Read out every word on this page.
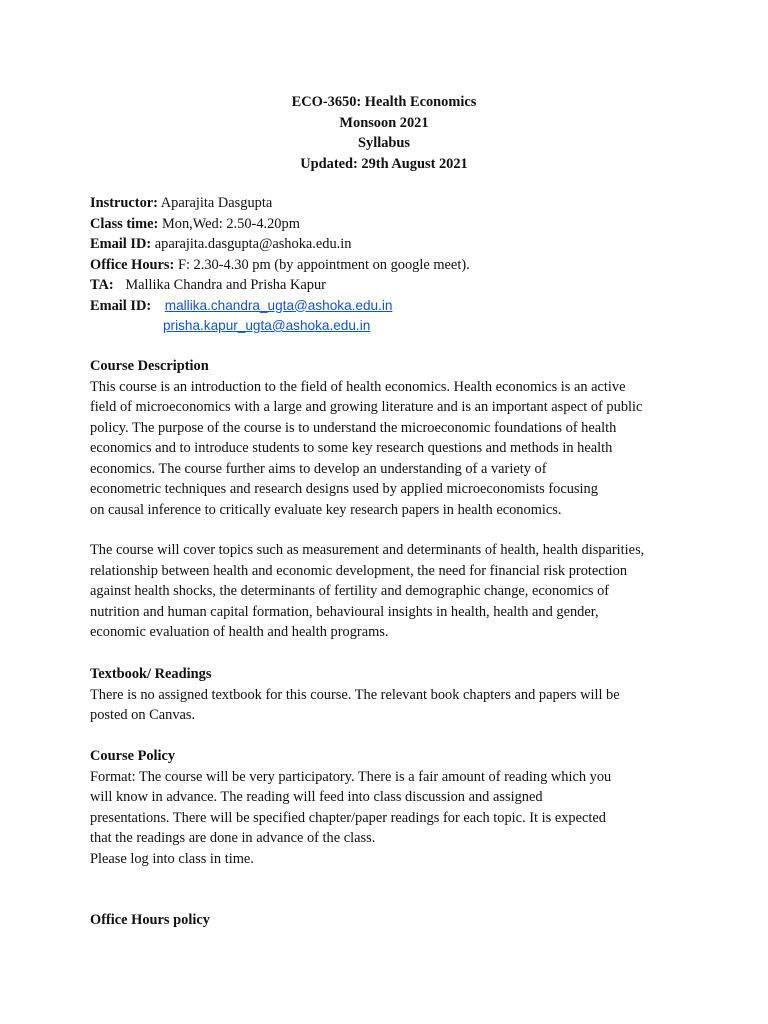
ECO-3650: Health Economics
Monsoon 2021
Syllabus
Updated: 29th August 2021
Instructor: Aparajita Dasgupta
Class time: Mon,Wed: 2.50-4.20pm
Email ID: aparajita.dasgupta@ashoka.edu.in
Office Hours: F: 2.30-4.30 pm (by appointment on google meet).
TA: Mallika Chandra and Prisha Kapur
Email ID: mallika.chandra_ugta@ashoka.edu.in
prisha.kapur_ugta@ashoka.edu.in
Course Description
This course is an introduction to the field of health economics. Health economics is an active
field of microeconomics with a large and growing literature and is an important aspect of public
policy. The purpose of the course is to understand the microeconomic foundations of health
economics and to introduce students to some key research questions and methods in health
economics. The course further aims to develop an understanding of a variety of
econometric techniques and research designs used by applied microeconomists focusing
on causal inference to critically evaluate key research papers in health economics.
The course will cover topics such as measurement and determinants of health, health disparities,
relationship between health and economic development, the need for financial risk protection
against health shocks, the determinants of fertility and demographic change, economics of
nutrition and human capital formation, behavioural insights in health, health and gender,
economic evaluation of health and health programs.
Textbook/ Readings
There is no assigned textbook for this course. The relevant book chapters and papers will be
posted on Canvas.
Course Policy
Format: The course will be very participatory. There is a fair amount of reading which you
will know in advance. The reading will feed into class discussion and assigned
presentations. There will be specified chapter/paper readings for each topic. It is expected
that the readings are done in advance of the class.
Please log into class in time.
Office Hours policy
